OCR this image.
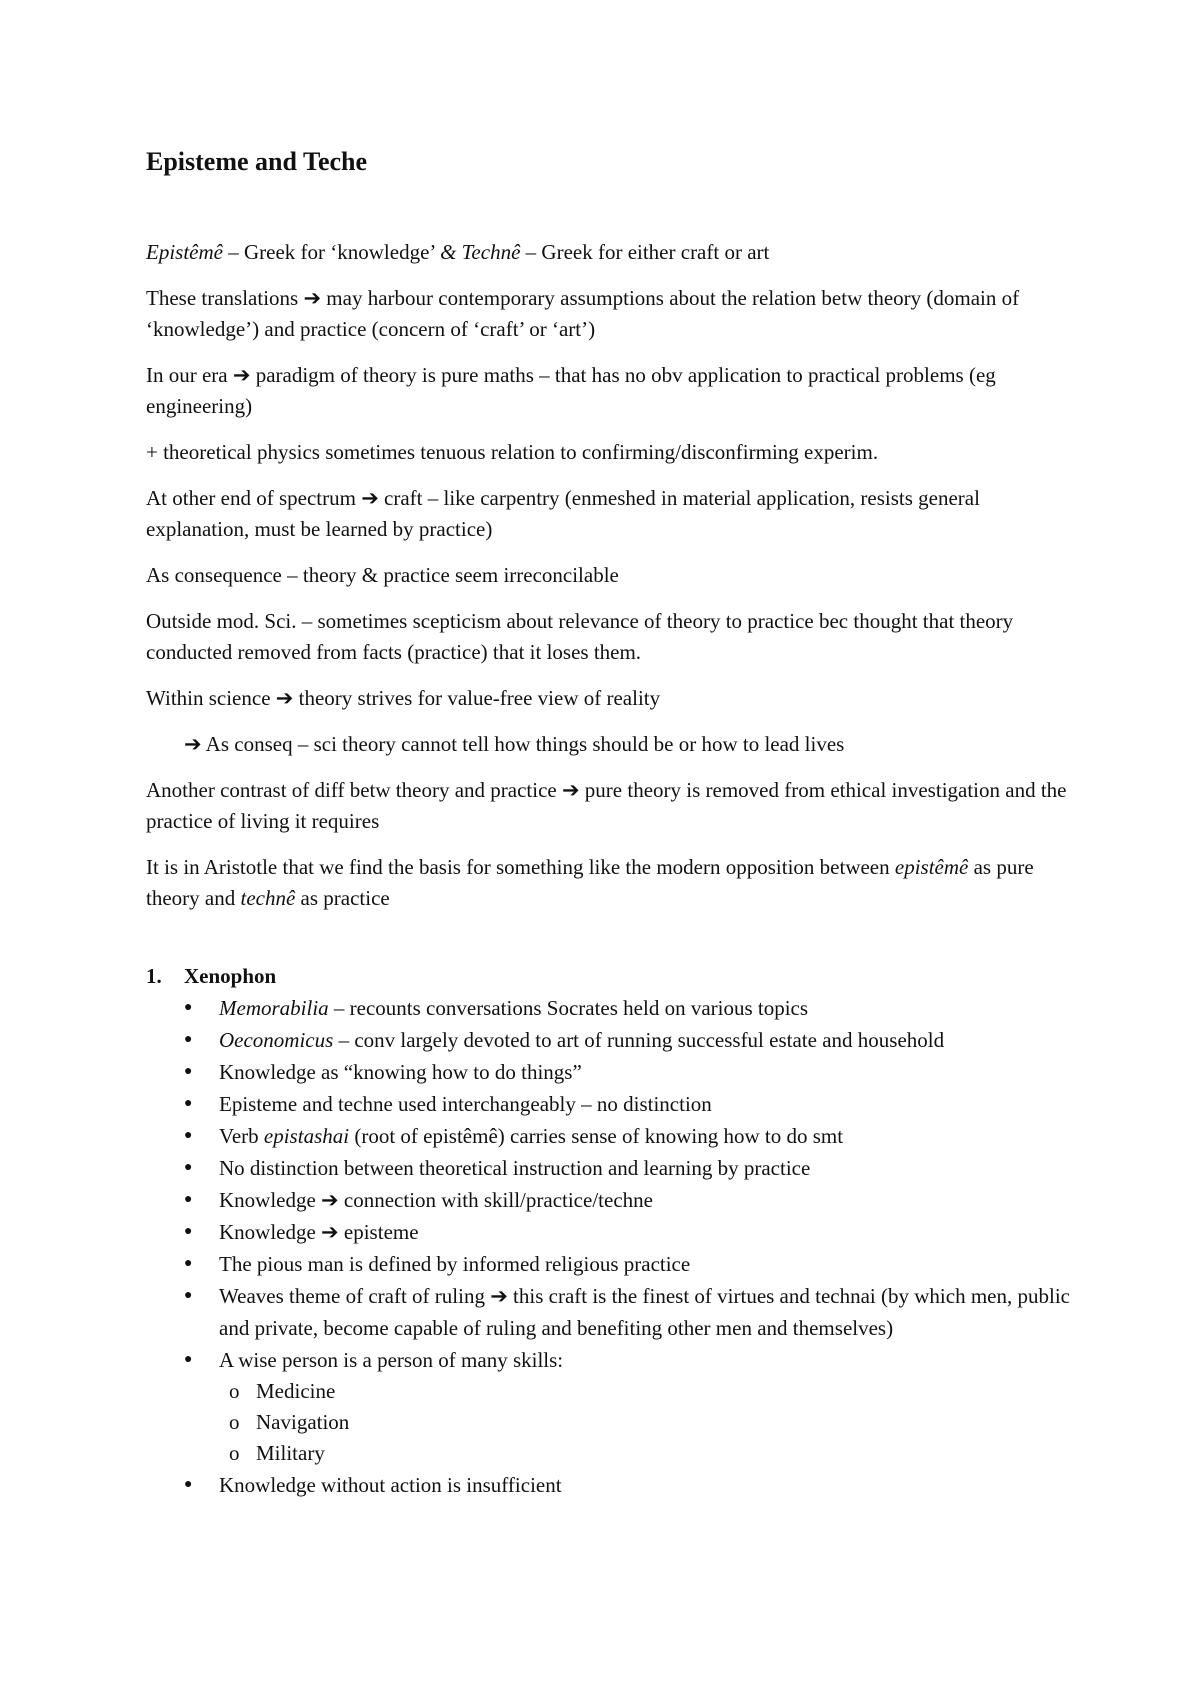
Episteme and Teche

Epistêmê – Greek for ‘knowledge’ & Technê – Greek for either craft or art

These translations ➔ may harbour contemporary assumptions about the relation betw theory (domain of ‘knowledge’) and practice (concern of ‘craft’ or ‘art’)

In our era ➔ paradigm of theory is pure maths – that has no obv application to practical problems (eg engineering)

+ theoretical physics sometimes tenuous relation to confirming/disconfirming experim.

At other end of spectrum ➔ craft – like carpentry (enmeshed in material application, resists general explanation, must be learned by practice)

As consequence – theory & practice seem irreconcilable

Outside mod. Sci. – sometimes scepticism about relevance of theory to practice bec thought that theory conducted removed from facts (practice) that it loses them.

Within science ➔ theory strives for value-free view of reality

➔ As conseq – sci theory cannot tell how things should be or how to lead lives

Another contrast of diff betw theory and practice ➔ pure theory is removed from ethical investigation and the practice of living it requires

It is in Aristotle that we find the basis for something like the modern opposition between epistêmê as pure theory and technê as practice

1. Xenophon
● Memorabilia – recounts conversations Socrates held on various topics
● Oeconomicus – conv largely devoted to art of running successful estate and household
● Knowledge as “knowing how to do things”
● Episteme and techne used interchangeably – no distinction
● Verb epistashai (root of epistêmê) carries sense of knowing how to do smt
● No distinction between theoretical instruction and learning by practice
● Knowledge ➔ connection with skill/practice/techne
● Knowledge ➔ episteme
● The pious man is defined by informed religious practice
● Weaves theme of craft of ruling ➔ this craft is the finest of virtues and technai (by which men, public and private, become capable of ruling and benefiting other men and themselves)
● A wise person is a person of many skills:
o Medicine
o Navigation
o Military
● Knowledge without action is insufficient
